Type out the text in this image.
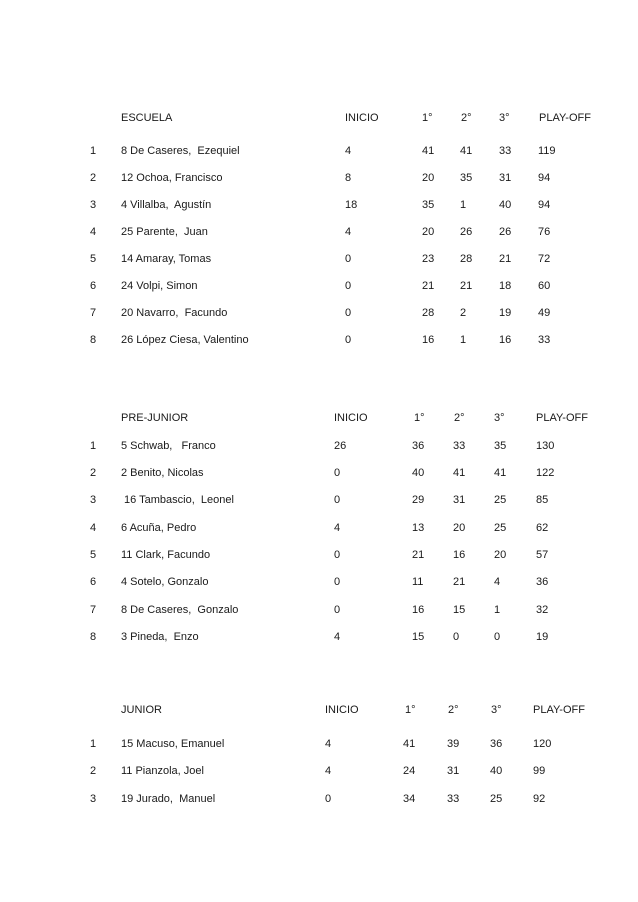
ESCUELA	INICIO	1°	2° 3°	PLAY-OFF
1 8 De Caseres,  Ezequiel	4	41 41 33 119
2 12 Ochoa, Francisco	8	20 35 31 94
3 4 Villalba,  Agustín	18	35 1	40 94
4 25 Parente,  Juan	4	20 26 26 76
5 14 Amaray, Tomas	0	23 28 21 72
6 24 Volpi, Simon	0	21 21 18 60
7 20 Navarro,  Facundo	0	28 2	19 49
8 26 López Ciesa, Valentino	0	16 1	16 33
PRE-JUNIOR	INICIO	1°	2°	3°	PLAY-OFF
1 5 Schwab,   Franco	26	36	33	35	130
2 2 Benito, Nicolas	0	40	41	41	122
3 16 Tambascio,  Leonel	0	29	31	25	85
4 6 Acuña, Pedro	4	13	20	25	62
5 11 Clark, Facundo	0	21	16	20	57
6 4 Sotelo, Gonzalo	0	11	21	4	36
7 8 De Caseres,  Gonzalo	0	16	15	1	32
8 3 Pineda,  Enzo	4	15	0	0	19
JUNIOR	INICIO	1°	2°	3°	PLAY-OFF
1 15 Macuso, Emanuel	4	41	39	36	120
2 11 Pianzola, Joel	4	24	31	40	99
3 19 Jurado,  Manuel	0	34	33	25	92
